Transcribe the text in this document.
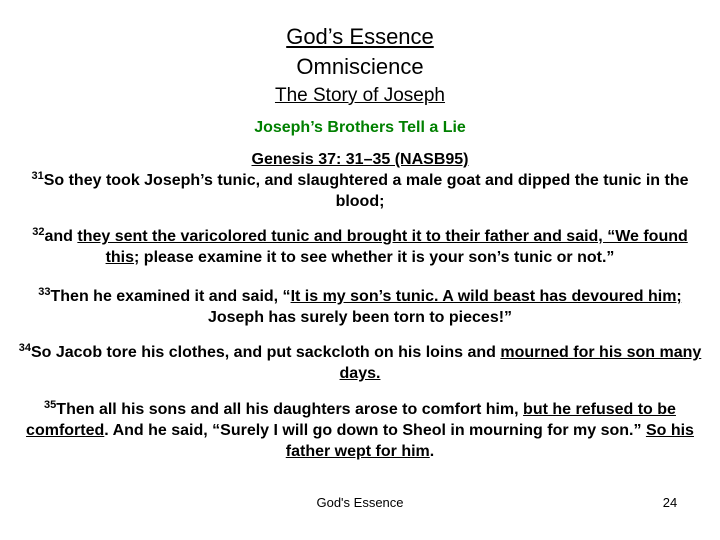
God’s Essence
Omniscience
The Story of Joseph
Joseph’s Brothers Tell a Lie
Genesis 37: 31–35 (NASB95)
$^{31}$So they took Joseph’s tunic, and slaughtered a male goat and dipped the tunic in the blood;
$^{32}$and they sent the varicolored tunic and brought it to their father and said, “We found this; please examine it to see whether it is your son’s tunic or not.”
$^{33}$Then he examined it and said, “It is my son’s tunic. A wild beast has devoured him; Joseph has surely been torn to pieces!”
$^{34}$So Jacob tore his clothes, and put sackcloth on his loins and mourned for his son many days.
$^{35}$Then all his sons and all his daughters arose to comfort him, but he refused to be comforted. And he said, “Surely I will go down to Sheol in mourning for my son.” So his father wept for him.
God's Essence	24
